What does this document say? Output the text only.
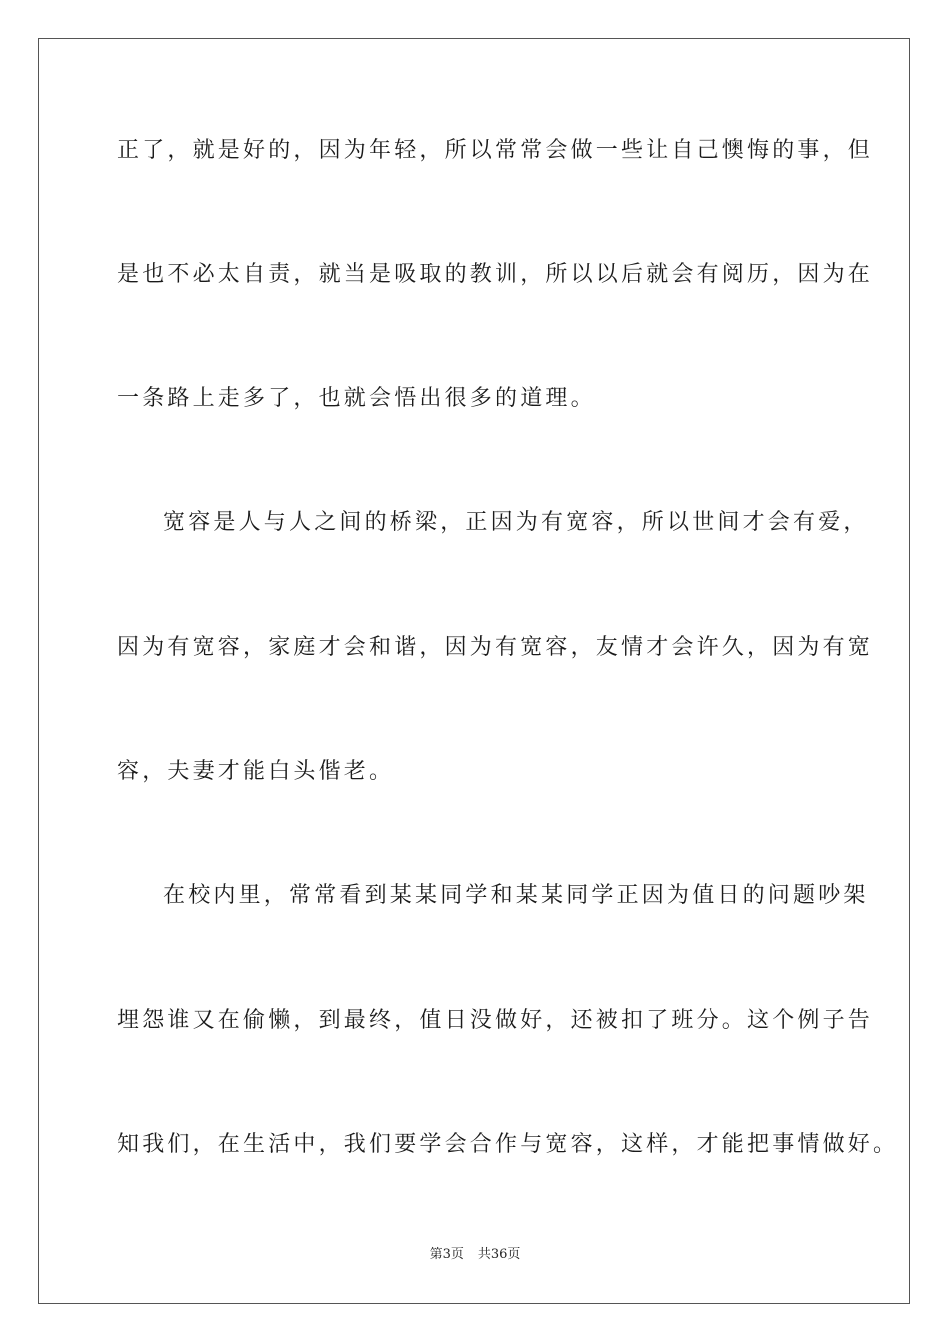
正了，就是好的，因为年轻，所以常常会做一些让自己懊悔的事，但
是也不必太自责，就当是吸取的教训，所以以后就会有阅历，因为在
一条路上走多了，也就会悟出很多的道理。
宽容是人与人之间的桥梁，正因为有宽容，所以世间才会有爱，
因为有宽容，家庭才会和谐，因为有宽容，友情才会许久，因为有宽
容，夫妻才能白头偕老。
在校内里，常常看到某某同学和某某同学正因为值日的问题吵架
埋怨谁又在偷懒，到最终，值日没做好，还被扣了班分。这个例子告
知我们，在生活中，我们要学会合作与宽容，这样，才能把事情做好。
第3页 共36页
